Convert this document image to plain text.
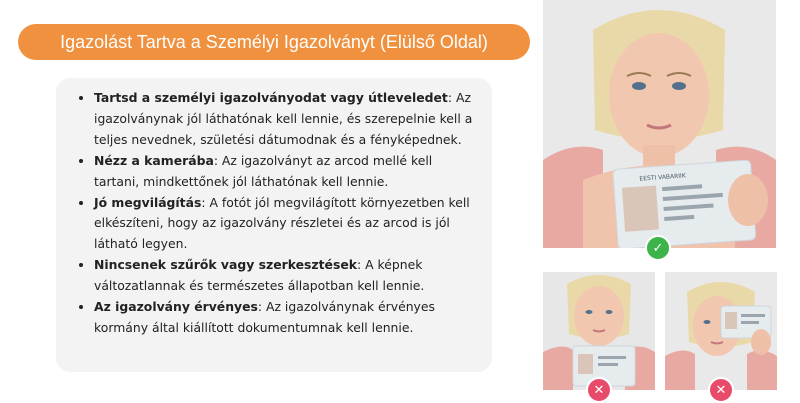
Igazolást Tartva a Személyi Igazolványt (Elülső Oldal)
• Tartsd a személyi igazolványodat vagy útleveledet: Az igazolványnak jól láthatónak kell lennie, és szerepelnie kell a teljes nevednek, születési dátumodnak és a fényképednek.
• Nézz a kamerába: Az igazolványt az arcod mellé kell tartani, mindkettőnek jól láthatónak kell lennie.
• Jó megvilágítás: A fotót jól megvilágított környezetben kell elkészíteni, hogy az igazolvány részletei és az arcod is jól látható legyen.
• Nincsenek szűrők vagy szerkesztések: A képnek változatlannak és természetes állapotban kell lennie.
• Az igazolvány érvényes: Az igazolványnak érvényes kormány által kiállított dokumentumnak kell lennie.
EESTI VABARIIK
✓
✕	✕
